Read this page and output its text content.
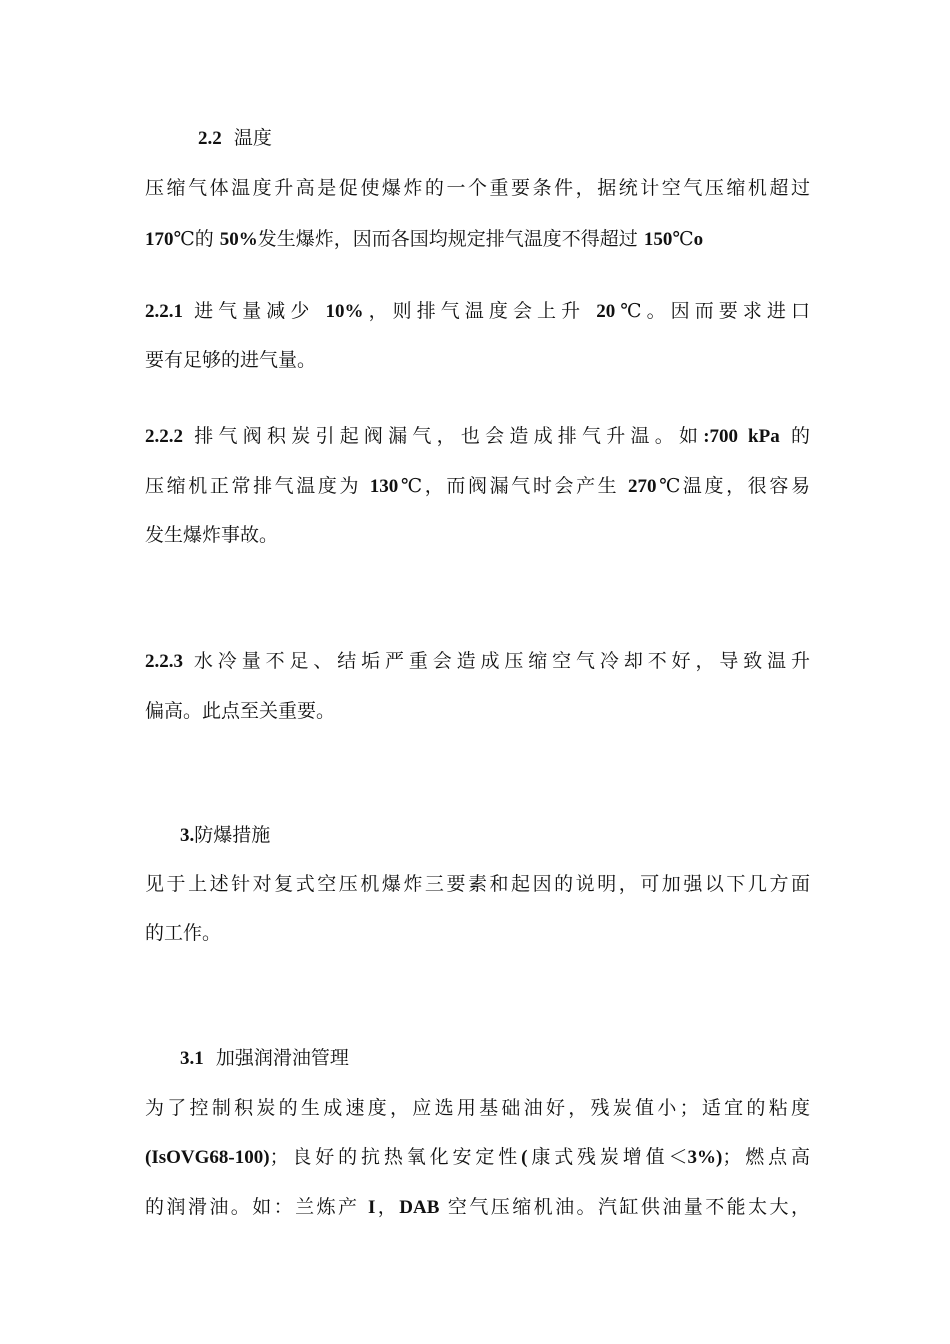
2.2 温度
压缩气体温度升高是促使爆炸的一个重要条件，据统计空气压缩机超过
170℃的 50%发生爆炸，因而各国均规定排气温度不得超过 150℃o
2.2.1 进气量减少 10%，则排气温度会上升 20℃。因而要求进口
要有足够的进气量。
2.2.2 排气阀积炭引起阀漏气，也会造成排气升温。如:700 kPa 的
压缩机正常排气温度为 130℃，而阀漏气时会产生 270℃温度，很容易
发生爆炸事故。
2.2.3 水冷量不足、结垢严重会造成压缩空气冷却不好，导致温升
偏高。此点至关重要。
3.防爆措施
见于上述针对复式空压机爆炸三要素和起因的说明，可加强以下几方面
的工作。
3.1 加强润滑油管理
为了控制积炭的生成速度，应选用基础油好，残炭值小；适宜的粘度
(IsOVG68-100)；良好的抗热氧化安定性(康式残炭增值＜3%)；燃点高
的润滑油。如：兰炼产 I，DAB 空气压缩机油。汽缸供油量不能太大，
